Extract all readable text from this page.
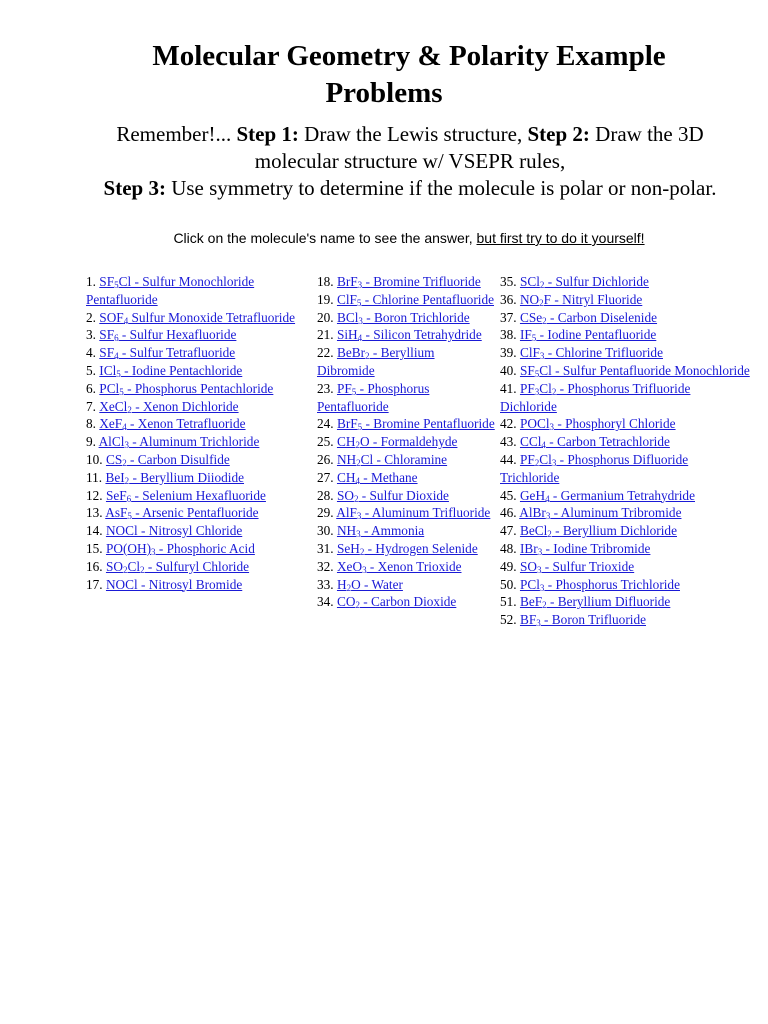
Molecular Geometry & Polarity Example
Problems

Remember!... Step 1: Draw the Lewis structure, Step 2: Draw the 3D molecular structure w/ VSEPR rules,

Step 3: Use symmetry to determine if the molecule is polar or non-polar.

Click on the molecule's name to see the answer, but first try to do it yourself!
1. $SF_5Cl$ - Sulfur Monochloride Pentafluoride
2. $SOF_4$ Sulfur Monoxide Tetrafluoride
3. $SF_6$ - Sulfur Hexafluoride
4. $SF_4$ - Sulfur Tetrafluoride
5. ICl$_5$ - Iodine Pentachloride
6. PCl$_5$ - Phosphorus Pentachloride
7. XeCl$_2$ - Xenon Dichloride
8. XeF$_4$ - Xenon Tetrafluoride
9. AlCl$_3$ - Aluminum Trichloride
10. $CS_2$ - Carbon Disulfide
11. BeI$_2$ - Beryllium Diiodide
12. SeF$_6$ - Selenium Hexafluoride
13. AsF$_5$ - Arsenic Pentafluoride
14. NOCl - Nitrosyl Chloride
15. $PO(OH)_3$ - Phosphoric Acid
16. $SO_2Cl_2$ - Sulfuryl Chloride
17. NOCl - Nitrosyl Bromide
18. BrF$_3$ - Bromine Trifluoride
19. ClF$_5$ - Chlorine Pentafluoride
20. BCl$_3$ - Boron Trichloride
21. SiH$_4$ - Silicon Tetrahydride
22. BeBr$_2$ - Beryllium Dibromide
23. $PF_5$ - Phosphorus Pentafluoride
24. BrF$_5$ - Bromine Pentafluoride
25. $CH_2O$ - Formaldehyde
26. $NH_2Cl$ - Chloramine
27. $CH_4$ - Methane
28. $SO_2$ - Sulfur Dioxide
29. AlF$_3$ - Aluminum Trifluoride
30. $NH_3$ - Ammonia
31. SeH$_2$ - Hydrogen Selenide
32. XeO$_3$ - Xenon Trioxide
33. $H_2O$ - Water
34. $CO_2$ - Carbon Dioxide
35. SCl$_2$ - Sulfur Dichloride
36. $NO_2F$ - Nitryl Fluoride
37. CSe$_2$ - Carbon Diselenide
38. $IF_5$ - Iodine Pentafluoride
39. ClF$_3$ - Chlorine Trifluoride
40. $SF_5Cl$ - Sulfur Pentafluoride Monochloride
41. $PF_3Cl_2$ - Phosphorus Trifluoride Dichloride
42. POCl$_3$ - Phosphoryl Chloride
43. CCl$_4$ - Carbon Tetrachloride
44. $PF_2Cl_3$ - Phosphorus Difluoride Trichloride
45. GeH$_4$ - Germanium Tetrahydride
46. AlBr$_3$ - Aluminum Tribromide
47. BeCl$_2$ - Beryllium Dichloride
48. IBr$_3$ - Iodine Tribromide
49. $SO_3$ - Sulfur Trioxide
50. PCl$_3$ - Phosphorus Trichloride
51. BeF$_2$ - Beryllium Difluoride
52. $BF_3$ - Boron Trifluoride
